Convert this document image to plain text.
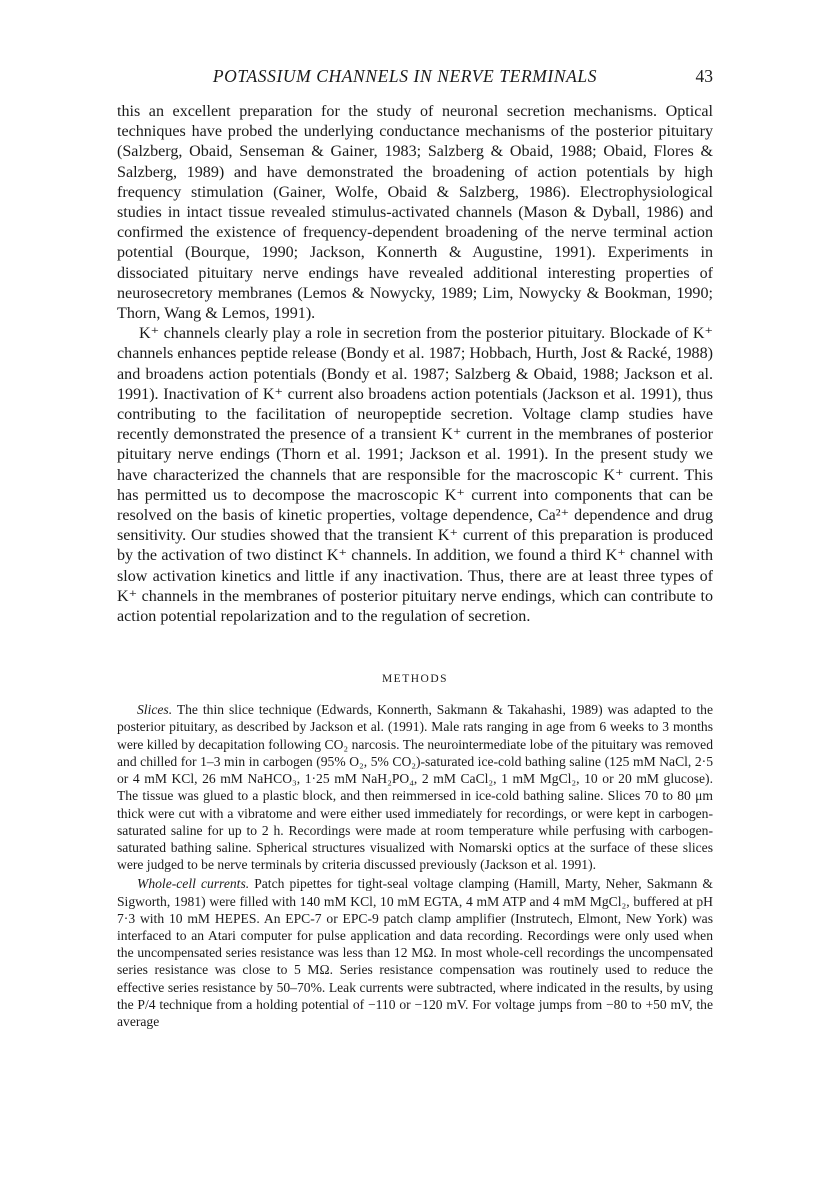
POTASSIUM CHANNELS IN NERVE TERMINALS	43

this an excellent preparation for the study of neuronal secretion mechanisms. Optical techniques have probed the underlying conductance mechanisms of the posterior pituitary (Salzberg, Obaid, Senseman & Gainer, 1983; Salzberg & Obaid, 1988; Obaid, Flores & Salzberg, 1989) and have demonstrated the broadening of action potentials by high frequency stimulation (Gainer, Wolfe, Obaid & Salzberg, 1986). Electrophysiological studies in intact tissue revealed stimulus-activated channels (Mason & Dyball, 1986) and confirmed the existence of frequency-dependent broadening of the nerve terminal action potential (Bourque, 1990; Jackson, Konnerth & Augustine, 1991). Experiments in dissociated pituitary nerve endings have revealed additional interesting properties of neurosecretory membranes (Lemos & Nowycky, 1989; Lim, Nowycky & Bookman, 1990; Thorn, Wang & Lemos, 1991).

K⁺ channels clearly play a role in secretion from the posterior pituitary. Blockade of K⁺ channels enhances peptide release (Bondy et al. 1987; Hobbach, Hurth, Jost & Racké, 1988) and broadens action potentials (Bondy et al. 1987; Salzberg & Obaid, 1988; Jackson et al. 1991). Inactivation of K⁺ current also broadens action potentials (Jackson et al. 1991), thus contributing to the facilitation of neuropeptide secretion. Voltage clamp studies have recently demonstrated the presence of a transient K⁺ current in the membranes of posterior pituitary nerve endings (Thorn et al. 1991; Jackson et al. 1991). In the present study we have characterized the channels that are responsible for the macroscopic K⁺ current. This has permitted us to decompose the macroscopic K⁺ current into components that can be resolved on the basis of kinetic properties, voltage dependence, Ca²⁺ dependence and drug sensitivity. Our studies showed that the transient K⁺ current of this preparation is produced by the activation of two distinct K⁺ channels. In addition, we found a third K⁺ channel with slow activation kinetics and little if any inactivation. Thus, there are at least three types of K⁺ channels in the membranes of posterior pituitary nerve endings, which can contribute to action potential repolarization and to the regulation of secretion.

METHODS

Slices. The thin slice technique (Edwards, Konnerth, Sakmann & Takahashi, 1989) was adapted to the posterior pituitary, as described by Jackson et al. (1991). Male rats ranging in age from 6 weeks to 3 months were killed by decapitation following CO₂ narcosis. The neurointermediate lobe of the pituitary was removed and chilled for 1–3 min in carbogen (95% O₂, 5% CO₂)-saturated ice-cold bathing saline (125 mM NaCl, 2·5 or 4 mM KCl, 26 mM NaHCO₃, 1·25 mM NaH₂PO₄, 2 mM CaCl₂, 1 mM MgCl₂, 10 or 20 mM glucose). The tissue was glued to a plastic block, and then reimmersed in ice-cold bathing saline. Slices 70 to 80 μm thick were cut with a vibratome and were either used immediately for recordings, or were kept in carbogen-saturated saline for up to 2 h. Recordings were made at room temperature while perfusing with carbogen-saturated bathing saline. Spherical structures visualized with Nomarski optics at the surface of these slices were judged to be nerve terminals by criteria discussed previously (Jackson et al. 1991).

Whole-cell currents. Patch pipettes for tight-seal voltage clamping (Hamill, Marty, Neher, Sakmann & Sigworth, 1981) were filled with 140 mM KCl, 10 mM EGTA, 4 mM ATP and 4 mM MgCl₂, buffered at pH 7·3 with 10 mM HEPES. An EPC-7 or EPC-9 patch clamp amplifier (Instrutech, Elmont, New York) was interfaced to an Atari computer for pulse application and data recording. Recordings were only used when the uncompensated series resistance was less than 12 MΩ. In most whole-cell recordings the uncompensated series resistance was close to 5 MΩ. Series resistance compensation was routinely used to reduce the effective series resistance by 50–70%. Leak currents were subtracted, where indicated in the results, by using the P/4 technique from a holding potential of −110 or −120 mV. For voltage jumps from −80 to +50 mV, the average
